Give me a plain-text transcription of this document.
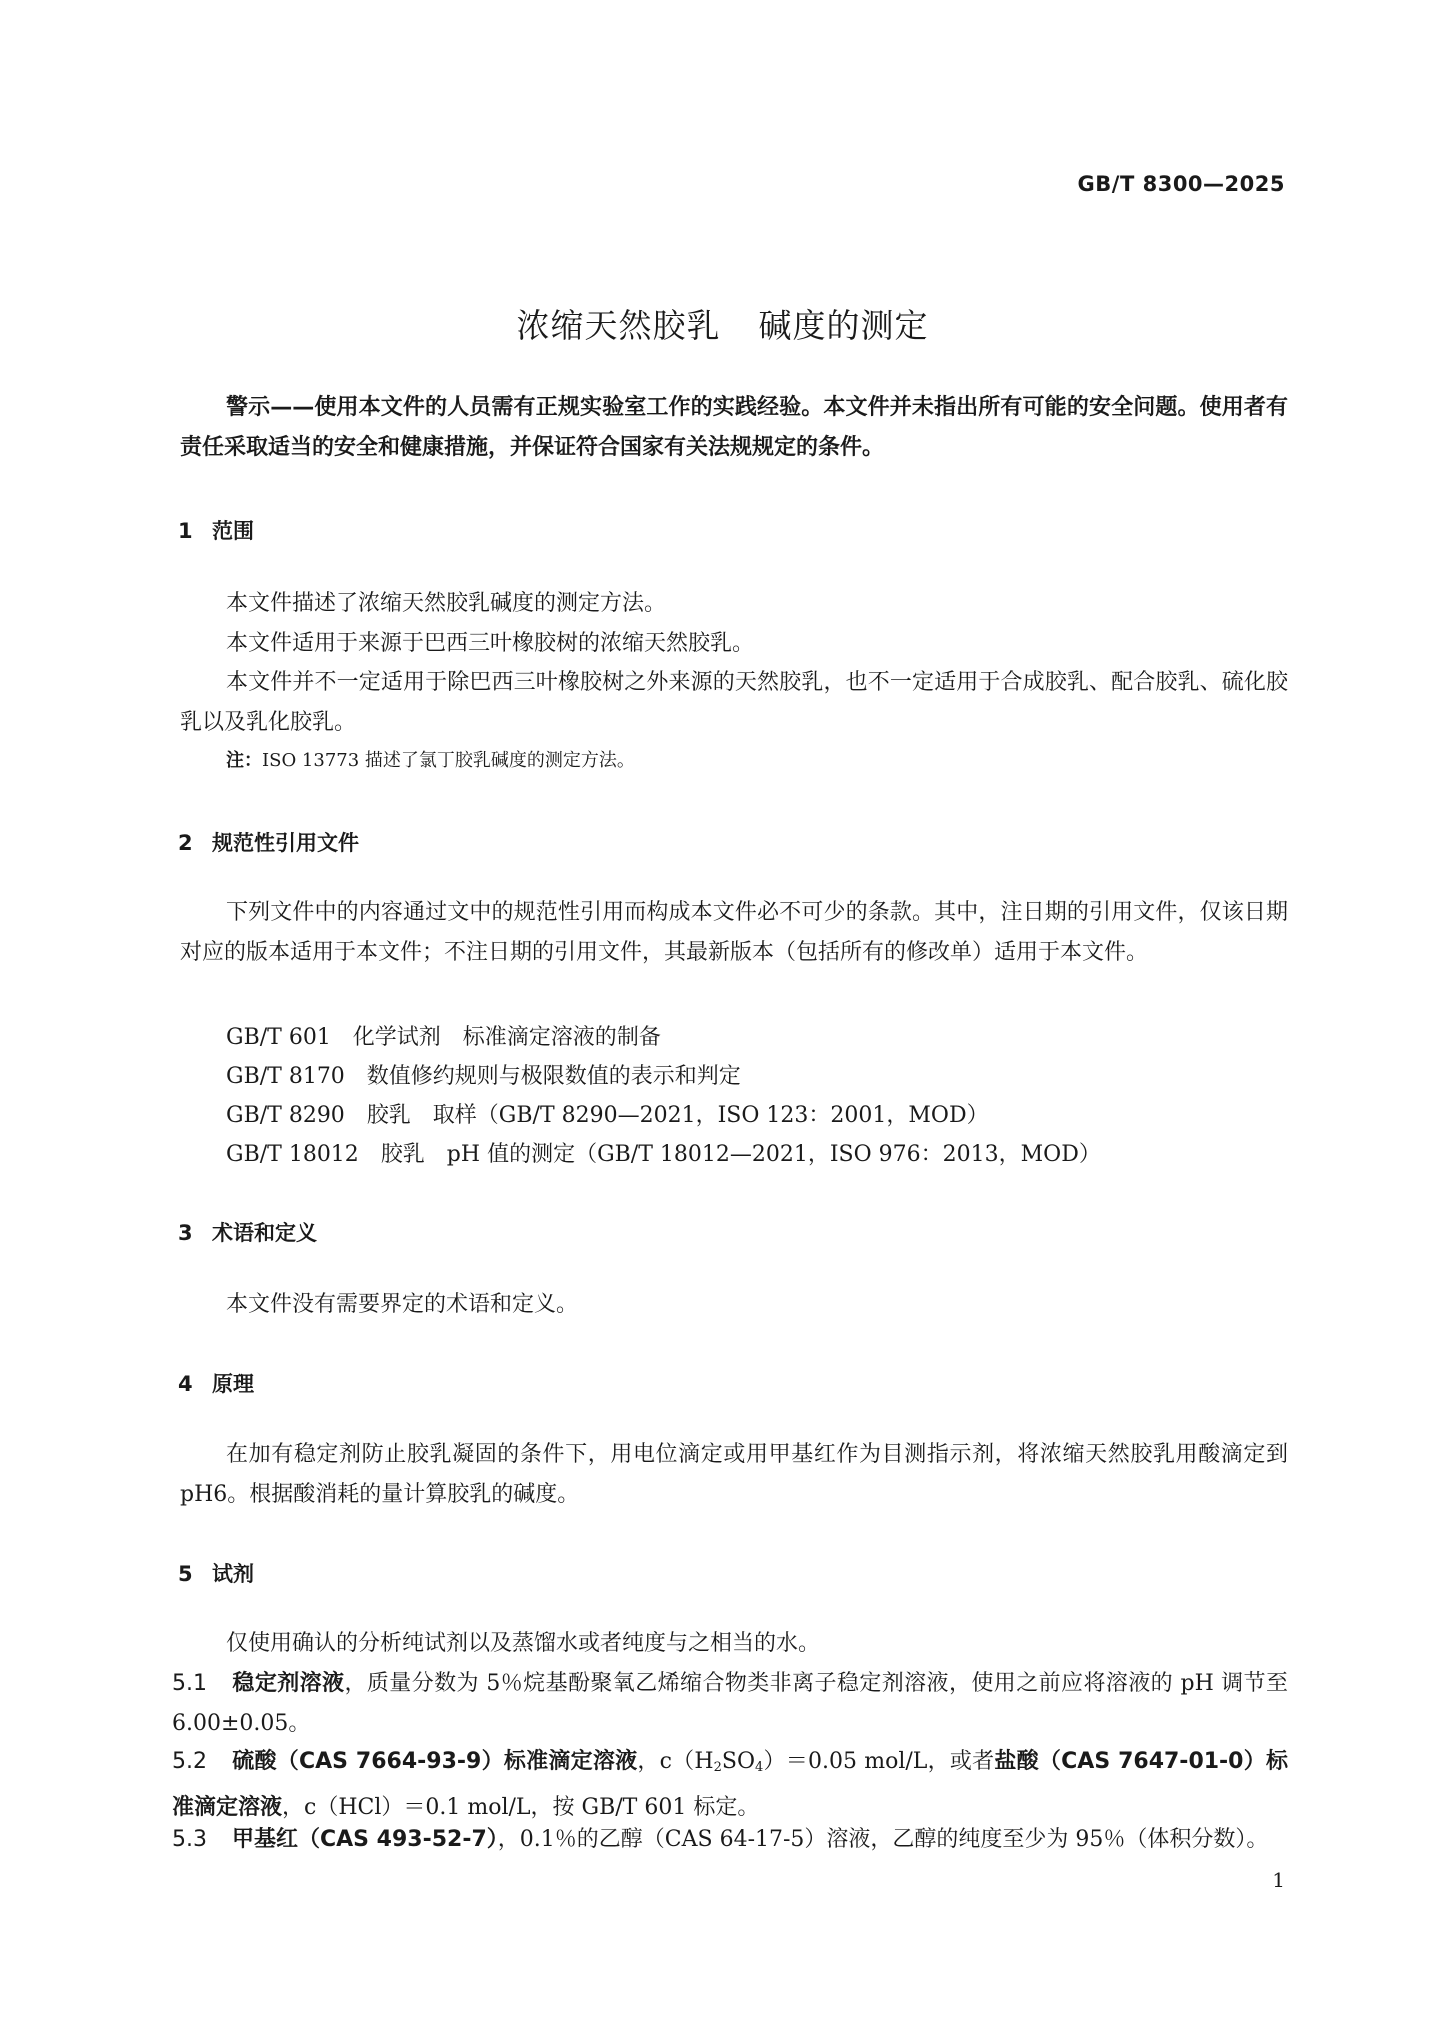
GB/T 8300—2025
浓缩天然胶乳 碱度的测定

警示——使用本文件的人员需有正规实验室工作的实践经验。本文件并未指出所有可能的安全问题。使用者有责任采取适当的安全和健康措施，并保证符合国家有关法规规定的条件。

1 范围

本文件描述了浓缩天然胶乳碱度的测定方法。

本文件适用于来源于巴西三叶橡胶树的浓缩天然胶乳。

本文件并不一定适用于除巴西三叶橡胶树之外来源的天然胶乳，也不一定适用于合成胶乳、配合胶乳、硫化胶乳以及乳化胶乳。

注：ISO 13773 描述了氯丁胶乳碱度的测定方法。
2 规范性引用文件

下列文件中的内容通过文中的规范性引用而构成本文件必不可少的条款。其中，注日期的引用文件，仅该日期对应的版本适用于本文件；不注日期的引用文件，其最新版本（包括所有的修改单）适用于本文件。

GB/T 601　化学试剂　标准滴定溶液的制备
GB/T 8170　数值修约规则与极限数值的表示和判定
GB/T 8290　胶乳　取样（GB/T 8290—2021，ISO 123：2001，MOD）
GB/T 18012　胶乳　pH 值的测定（GB/T 18012—2021，ISO 976：2013，MOD）
3 术语和定义

本文件没有需要界定的术语和定义。

4 原理

在加有稳定剂防止胶乳凝固的条件下，用电位滴定或用甲基红作为目测指示剂，将浓缩天然胶乳用酸滴定到 pH6。根据酸消耗的量计算胶乳的碱度。

5 试剂

仅使用确认的分析纯试剂以及蒸馏水或者纯度与之相当的水。

5.1 稳定剂溶液，质量分数为 5％烷基酚聚氧乙烯缩合物类非离子稳定剂溶液，使用之前应将溶液的 pH 调节至 6.00±0.05。

5.2 硫酸（CAS 7664-93-9）标准滴定溶液，$c(H_2SO_4)=0.05$ mol/L，或者盐酸（CAS 7647-01-0）标准滴定溶液，c（HCl）＝0.1 mol/L，按 GB/T 601 标定。

5.3 甲基红（CAS 493-52-7），0.1％的乙醇（CAS 64-17-5）溶液，乙醇的纯度至少为 95％（体积分数）。

1
